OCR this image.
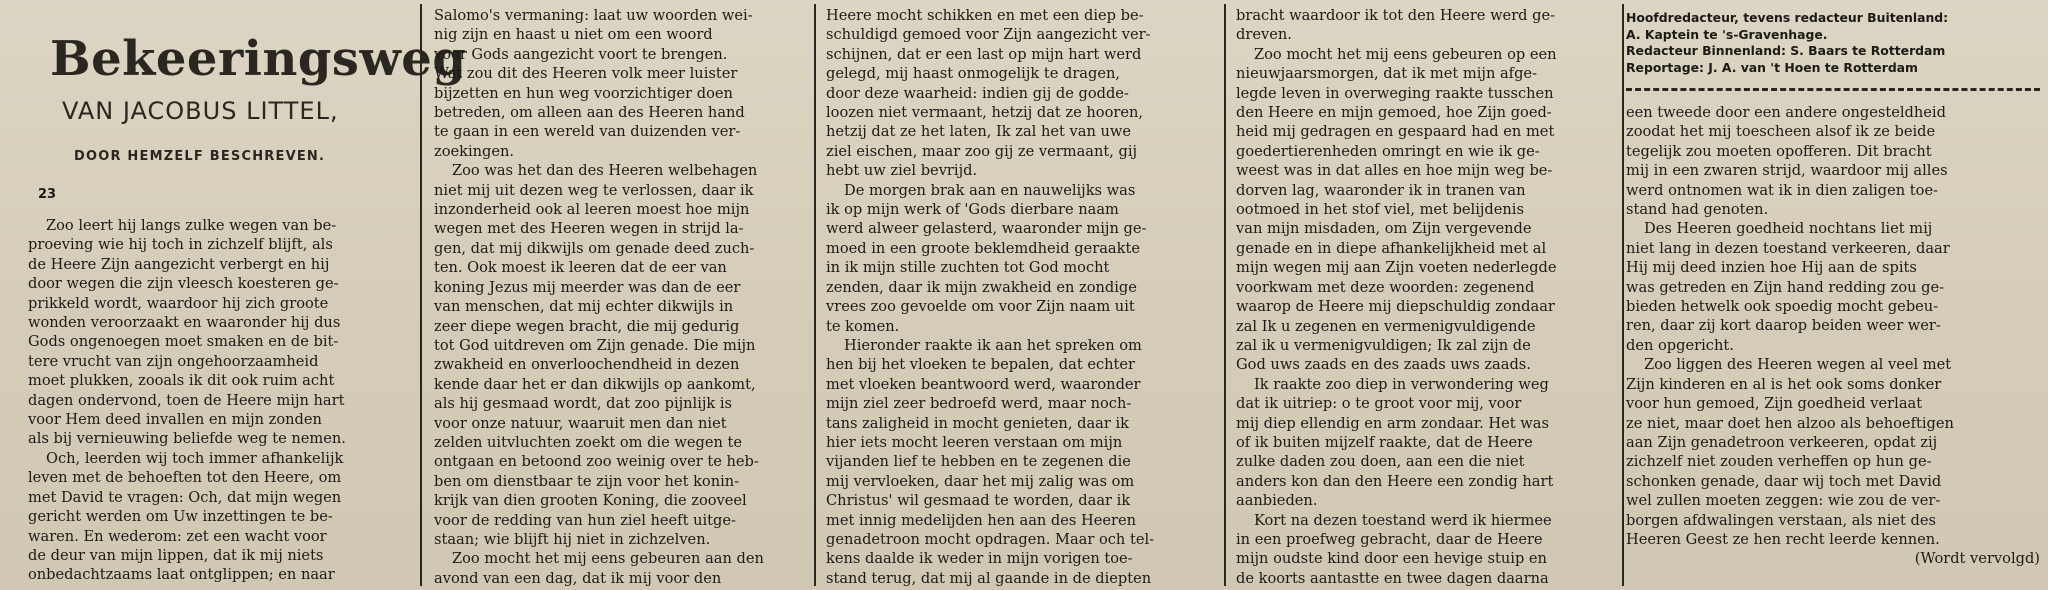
Bekeeringsweg
VAN JACOBUS LITTEL,
DOOR HEMZELF BESCHREVEN.
23

Zoo leert hij langs zulke wegen van be-

proeving wie hij toch in zichzelf blijft, als

de Heere Zijn aangezicht verbergt en hij

door wegen die zijn vleesch koesteren ge-

prikkeld wordt, waardoor hij zich groote

wonden veroorzaakt en waaronder hij dus

Gods ongenoegen moet smaken en de bit-

tere vrucht van zijn ongehoorzaamheid

moet plukken, zooals ik dit ook ruim acht

dagen ondervond, toen de Heere mijn hart

voor Hem deed invallen en mijn zonden

als bij vernieuwing beliefde weg te nemen.

Och, leerden wij toch immer afhankelijk

leven met de behoeften tot den Heere, om

met David te vragen: Och, dat mijn wegen

gericht werden om Uw inzettingen te be-

waren. En wederom: zet een wacht voor

de deur van mijn lippen, dat ik mij niets

onbedachtzaams laat ontglippen; en naar

Salomo's vermaning: laat uw woorden wei-

nig zijn en haast u niet om een woord

voor Gods aangezicht voort te brengen.

Wat zou dit des Heeren volk meer luister

bijzetten en hun weg voorzichtiger doen

betreden, om alleen aan des Heeren hand

te gaan in een wereld van duizenden ver-

zoekingen.

Zoo was het dan des Heeren welbehagen

niet mij uit dezen weg te verlossen, daar ik

inzonderheid ook al leeren moest hoe mijn

wegen met des Heeren wegen in strijd la-

gen, dat mij dikwijls om genade deed zuch-

ten. Ook moest ik leeren dat de eer van

koning Jezus mij meerder was dan de eer

van menschen, dat mij echter dikwijls in

zeer diepe wegen bracht, die mij gedurig

tot God uitdreven om Zijn genade. Die mijn

zwakheid en onverloochendheid in dezen

kende daar het er dan dikwijls op aankomt,

als hij gesmaad wordt, dat zoo pijnlijk is

voor onze natuur, waaruit men dan niet

zelden uitvluchten zoekt om die wegen te

ontgaan en betoond zoo weinig over te heb-

ben om dienstbaar te zijn voor het konin-

krijk van dien grooten Koning, die zooveel

voor de redding van hun ziel heeft uitge-

staan; wie blijft hij niet in zichzelven.

Zoo mocht het mij eens gebeuren aan den

avond van een dag, dat ik mij voor den

Heere mocht schikken en met een diep be-

schuldigd gemoed voor Zijn aangezicht ver-

schijnen, dat er een last op mijn hart werd

gelegd, mij haast onmogelijk te dragen,

door deze waarheid: indien gij de godde-

loozen niet vermaant, hetzij dat ze hooren,

hetzij dat ze het laten, Ik zal het van uwe

ziel eischen, maar zoo gij ze vermaant, gij

hebt uw ziel bevrijd.

De morgen brak aan en nauwelijks was

ik op mijn werk of 'Gods dierbare naam

werd alweer gelasterd, waaronder mijn ge-

moed in een groote beklemdheid geraakte

in ik mijn stille zuchten tot God mocht

zenden, daar ik mijn zwakheid en zondige

vrees zoo gevoelde om voor Zijn naam uit

te komen.

Hieronder raakte ik aan het spreken om

hen bij het vloeken te bepalen, dat echter

met vloeken beantwoord werd, waaronder

mijn ziel zeer bedroefd werd, maar noch-

tans zaligheid in mocht genieten, daar ik

hier iets mocht leeren verstaan om mijn

vijanden lief te hebben en te zegenen die

mij vervloeken, daar het mij zalig was om

Christus' wil gesmaad te worden, daar ik

met innig medelijden hen aan des Heeren

genadetroon mocht opdragen. Maar och tel-

kens daalde ik weder in mijn vorigen toe-

stand terug, dat mij al gaande in de diepten

bracht waardoor ik tot den Heere werd ge-

dreven.

Zoo mocht het mij eens gebeuren op een

nieuwjaarsmorgen, dat ik met mijn afge-

legde leven in overweging raakte tusschen

den Heere en mijn gemoed, hoe Zijn goed-

heid mij gedragen en gespaard had en met

goedertierenheden omringt en wie ik ge-

weest was in dat alles en hoe mijn weg be-

dorven lag, waaronder ik in tranen van

ootmoed in het stof viel, met belijdenis

van mijn misdaden, om Zijn vergevende

genade en in diepe afhankelijkheid met al

mijn wegen mij aan Zijn voeten nederlegde

voorkwam met deze woorden: zegenend

waarop de Heere mij diepschuldig zondaar

zal Ik u zegenen en vermenigvuldigende

zal ik u vermenigvuldigen; Ik zal zijn de

God uws zaads en des zaads uws zaads.

Ik raakte zoo diep in verwondering weg

dat ik uitriep: o te groot voor mij, voor

mij diep ellendig en arm zondaar. Het was

of ik buiten mijzelf raakte, dat de Heere

zulke daden zou doen, aan een die niet

anders kon dan den Heere een zondig hart

aanbieden.

Kort na dezen toestand werd ik hiermee

in een proefweg gebracht, daar de Heere

mijn oudste kind door een hevige stuip en

de koorts aantastte en twee dagen daarna

Hoofdredacteur, tevens redacteur Buitenland:

A. Kaptein te 's-Gravenhage.

Redacteur Binnenland: S. Baars te Rotterdam

Reportage: J. A. van 't Hoen te Rotterdam

een tweede door een andere ongesteldheid

zoodat het mij toescheen alsof ik ze beide

tegelijk zou moeten opofferen. Dit bracht

mij in een zwaren strijd, waardoor mij alles

werd ontnomen wat ik in dien zaligen toe-

stand had genoten.

Des Heeren goedheid nochtans liet mij

niet lang in dezen toestand verkeeren, daar

Hij mij deed inzien hoe Hij aan de spits

was getreden en Zijn hand redding zou ge-

bieden hetwelk ook spoedig mocht gebeu-

ren, daar zij kort daarop beiden weer wer-

den opgericht.

Zoo liggen des Heeren wegen al veel met

Zijn kinderen en al is het ook soms donker

voor hun gemoed, Zijn goedheid verlaat

ze niet, maar doet hen alzoo als behoeftigen

aan Zijn genadetroon verkeeren, opdat zij

zichzelf niet zouden verheffen op hun ge-

schonken genade, daar wij toch met David

wel zullen moeten zeggen: wie zou de ver-

borgen afdwalingen verstaan, als niet des

Heeren Geest ze hen recht leerde kennen.

(Wordt vervolgd)
